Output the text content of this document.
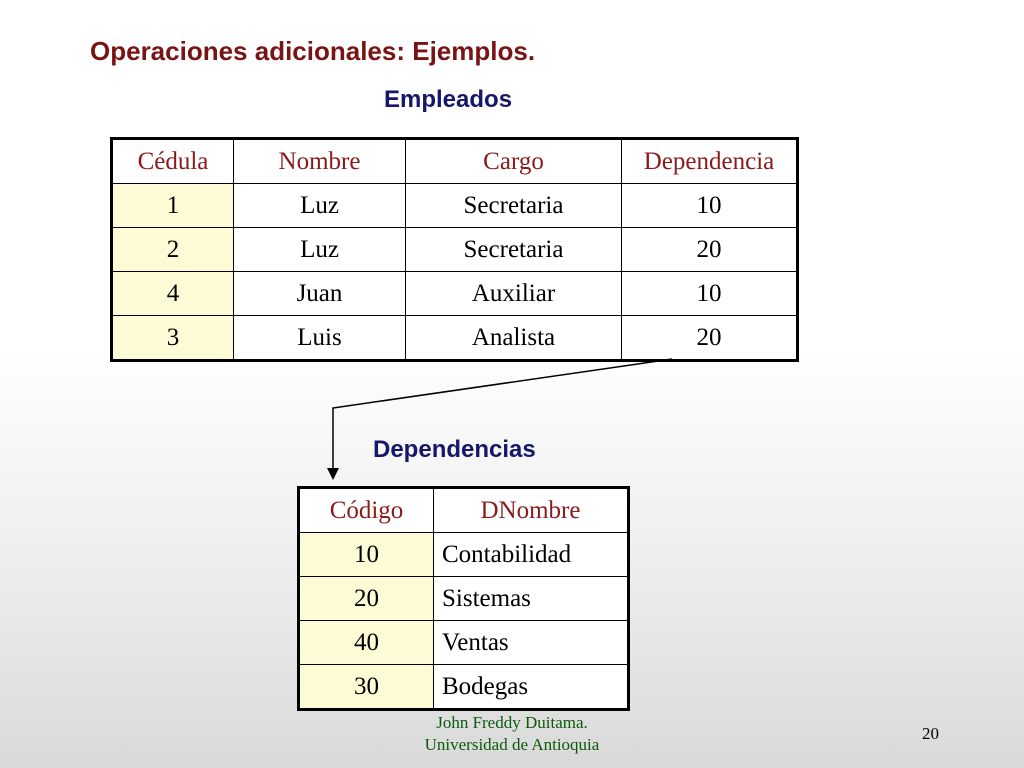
Operaciones adicionales: Ejemplos.
Empleados
Cédula	Nombre	Cargo	Dependencia
1	Luz	Secretaria	10
2	Luz	Secretaria	20
4	Juan	Auxiliar	10
3	Luis	Analista	20
Dependencias
Código	DNombre
10	Contabilidad
20	Sistemas
40	Ventas
30	Bodegas
John Freddy Duitama.
Universidad de Antioquia
20
